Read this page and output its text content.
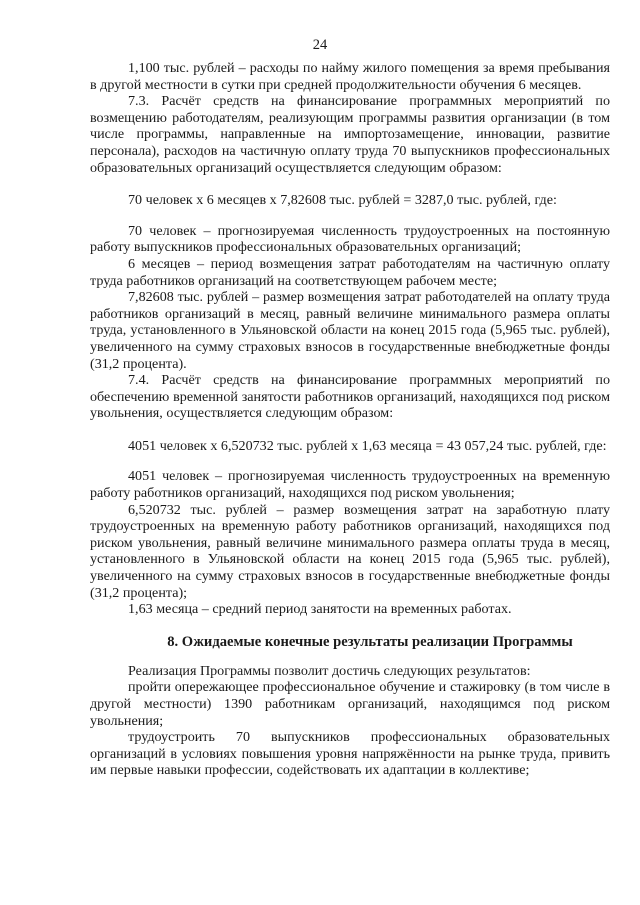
24

1,100 тыс. рублей – расходы по найму жилого помещения за время пребывания в другой местности в сутки при средней продолжительности обучения 6 месяцев.

7.3. Расчёт средств на финансирование программных мероприятий по возмещению работодателям, реализующим программы развития организации (в том числе программы, направленные на импортозамещение, инновации, развитие персонала), расходов на частичную оплату труда 70 выпускников профессиональных образовательных организаций осуществляется следующим образом:

70 человек x 6 месяцев x 7,82608 тыс. рублей = 3287,0 тыс. рублей, где:

70 человек – прогнозируемая численность трудоустроенных на постоянную работу выпускников профессиональных образовательных организаций;

6 месяцев – период возмещения затрат работодателям на частичную оплату труда работников организаций на соответствующем рабочем месте;

7,82608 тыс. рублей – размер возмещения затрат работодателей на оплату труда работников организаций в месяц, равный величине минимального размера оплаты труда, установленного в Ульяновской области на конец 2015 года (5,965 тыс. рублей), увеличенного на сумму страховых взносов в государственные внебюджетные фонды (31,2 процента).

7.4. Расчёт средств на финансирование программных мероприятий по обеспечению временной занятости работников организаций, находящихся под риском увольнения, осуществляется следующим образом:

4051 человек x 6,520732 тыс. рублей x 1,63 месяца = 43 057,24 тыс. рублей, где:

4051 человек – прогнозируемая численность трудоустроенных на временную работу работников организаций, находящихся под риском увольнения;

6,520732 тыс. рублей – размер возмещения затрат на заработную плату трудоустроенных на временную работу работников организаций, находящихся под риском увольнения, равный величине минимального размера оплаты труда в месяц, установленного в Ульяновской области на конец 2015 года (5,965 тыс. рублей), увеличенного на сумму страховых взносов в государственные внебюджетные фонды (31,2 процента);

1,63 месяца – средний период занятости на временных работах.

8. Ожидаемые конечные результаты реализации Программы

Реализация Программы позволит достичь следующих результатов:

пройти опережающее профессиональное обучение и стажировку (в том числе в другой местности) 1390 работникам организаций, находящимся под риском увольнения;

трудоустроить 70 выпускников профессиональных образовательных организаций в условиях повышения уровня напряжённости на рынке труда, привить им первые навыки профессии, содействовать их адаптации в коллективе;
